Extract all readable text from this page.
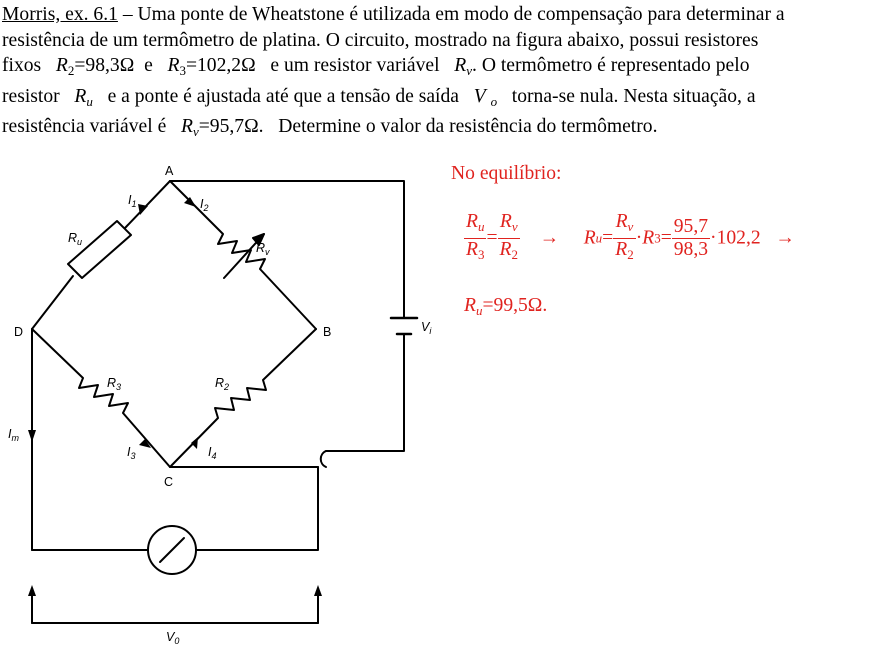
Morris, ex. 6.1 – Uma ponte de Wheatstone é utilizada em modo de compensação para determinar a

resistência de um termômetro de platina. O circuito, mostrado na figura abaixo, possui resistores

fixos $R_2=98,3\Omega$ e $R_3=102,2\Omega$ e um resistor variável $R_v$. O termômetro é representado pelo

resistor $R_u$ e a ponte é ajustada até que a tensão de saída V $_o$ torna-se nula. Nesta situação, a

resistência variável é $R_v=95,7\Omega$. Determine o valor da resistência do termômetro.

A
B
C
D
$I_1$	$I_2$
$I_3$	$I_4$
$I_m$
$R_u$	$R_v$
$R_3$	$R_2$
$V_i$
$V_0$
No equilíbrio:
$\frac{R_u}{R_3} = \frac{R_v}{R_2} \to Ru= \frac{R_v}{R_2} \cdot R3= \frac{95,7}{98,3} \cdot 102,2$ →
$R_u=99,5\Omega$.
